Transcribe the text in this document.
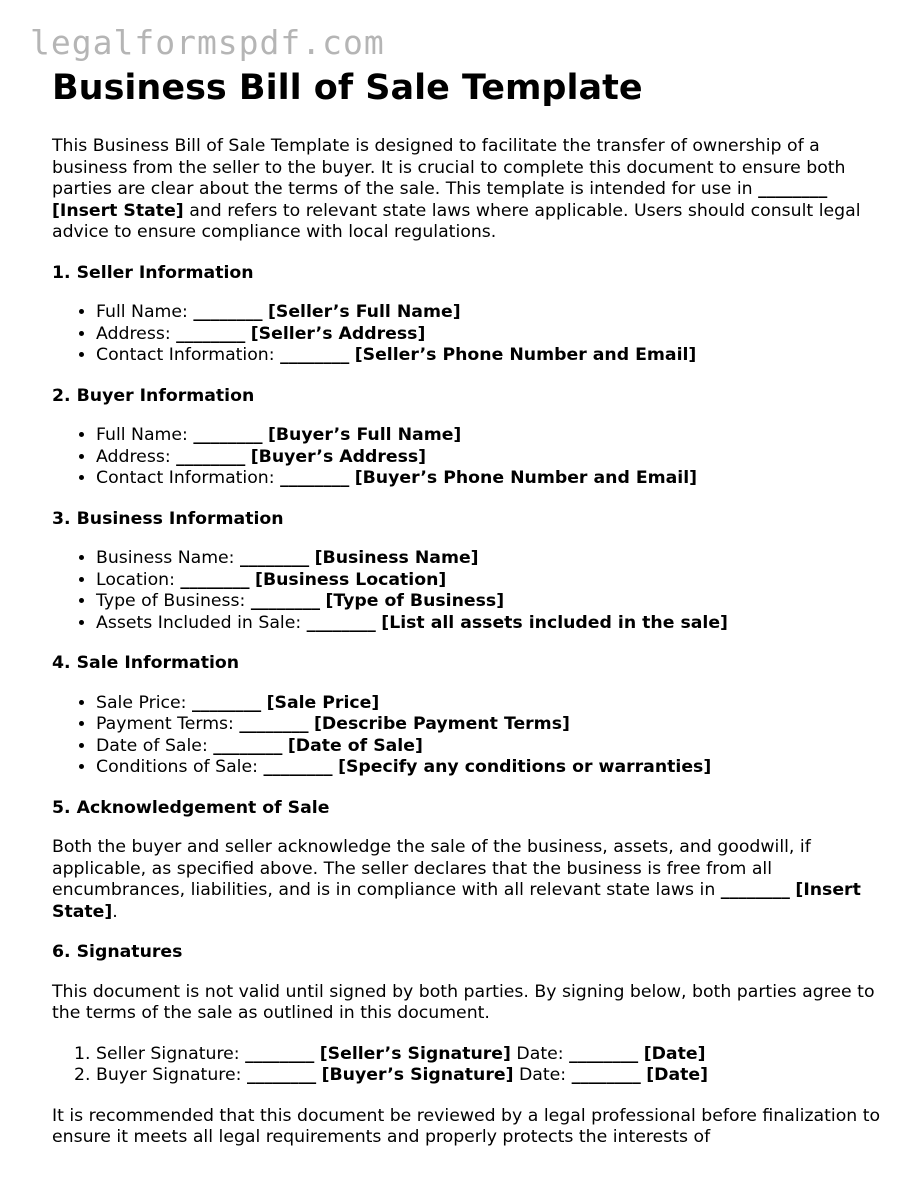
legalformspdf.com
Business Bill of Sale Template

This Business Bill of Sale Template is designed to facilitate the transfer of ownership of a business from the seller to the buyer. It is crucial to complete this document to ensure both parties are clear about the terms of the sale. This template is intended for use in ________ [Insert State] and refers to relevant state laws where applicable. Users should consult legal advice to ensure compliance with local regulations.

1. Seller Information
• Full Name: ________ [Seller’s Full Name]
• Address: ________ [Seller’s Address]
• Contact Information: ________ [Seller’s Phone Number and Email]
2. Buyer Information
• Full Name: ________ [Buyer’s Full Name]
• Address: ________ [Buyer’s Address]
• Contact Information: ________ [Buyer’s Phone Number and Email]
3. Business Information
• Business Name: ________ [Business Name]
• Location: ________ [Business Location]
• Type of Business: ________ [Type of Business]
• Assets Included in Sale: ________ [List all assets included in the sale]
4. Sale Information
• Sale Price: ________ [Sale Price]
• Payment Terms: ________ [Describe Payment Terms]
• Date of Sale: ________ [Date of Sale]
• Conditions of Sale: ________ [Specify any conditions or warranties]
5. Acknowledgement of Sale

Both the buyer and seller acknowledge the sale of the business, assets, and goodwill, if applicable, as specified above. The seller declares that the business is free from all encumbrances, liabilities, and is in compliance with all relevant state laws in ________ [Insert State].

6. Signatures

This document is not valid until signed by both parties. By signing below, both parties agree to the terms of the sale as outlined in this document.

1. Seller Signature: ________ [Seller’s Signature] Date: ________ [Date]
2. Buyer Signature: ________ [Buyer’s Signature] Date: ________ [Date]

It is recommended that this document be reviewed by a legal professional before finalization to ensure it meets all legal requirements and properly protects the interests of
